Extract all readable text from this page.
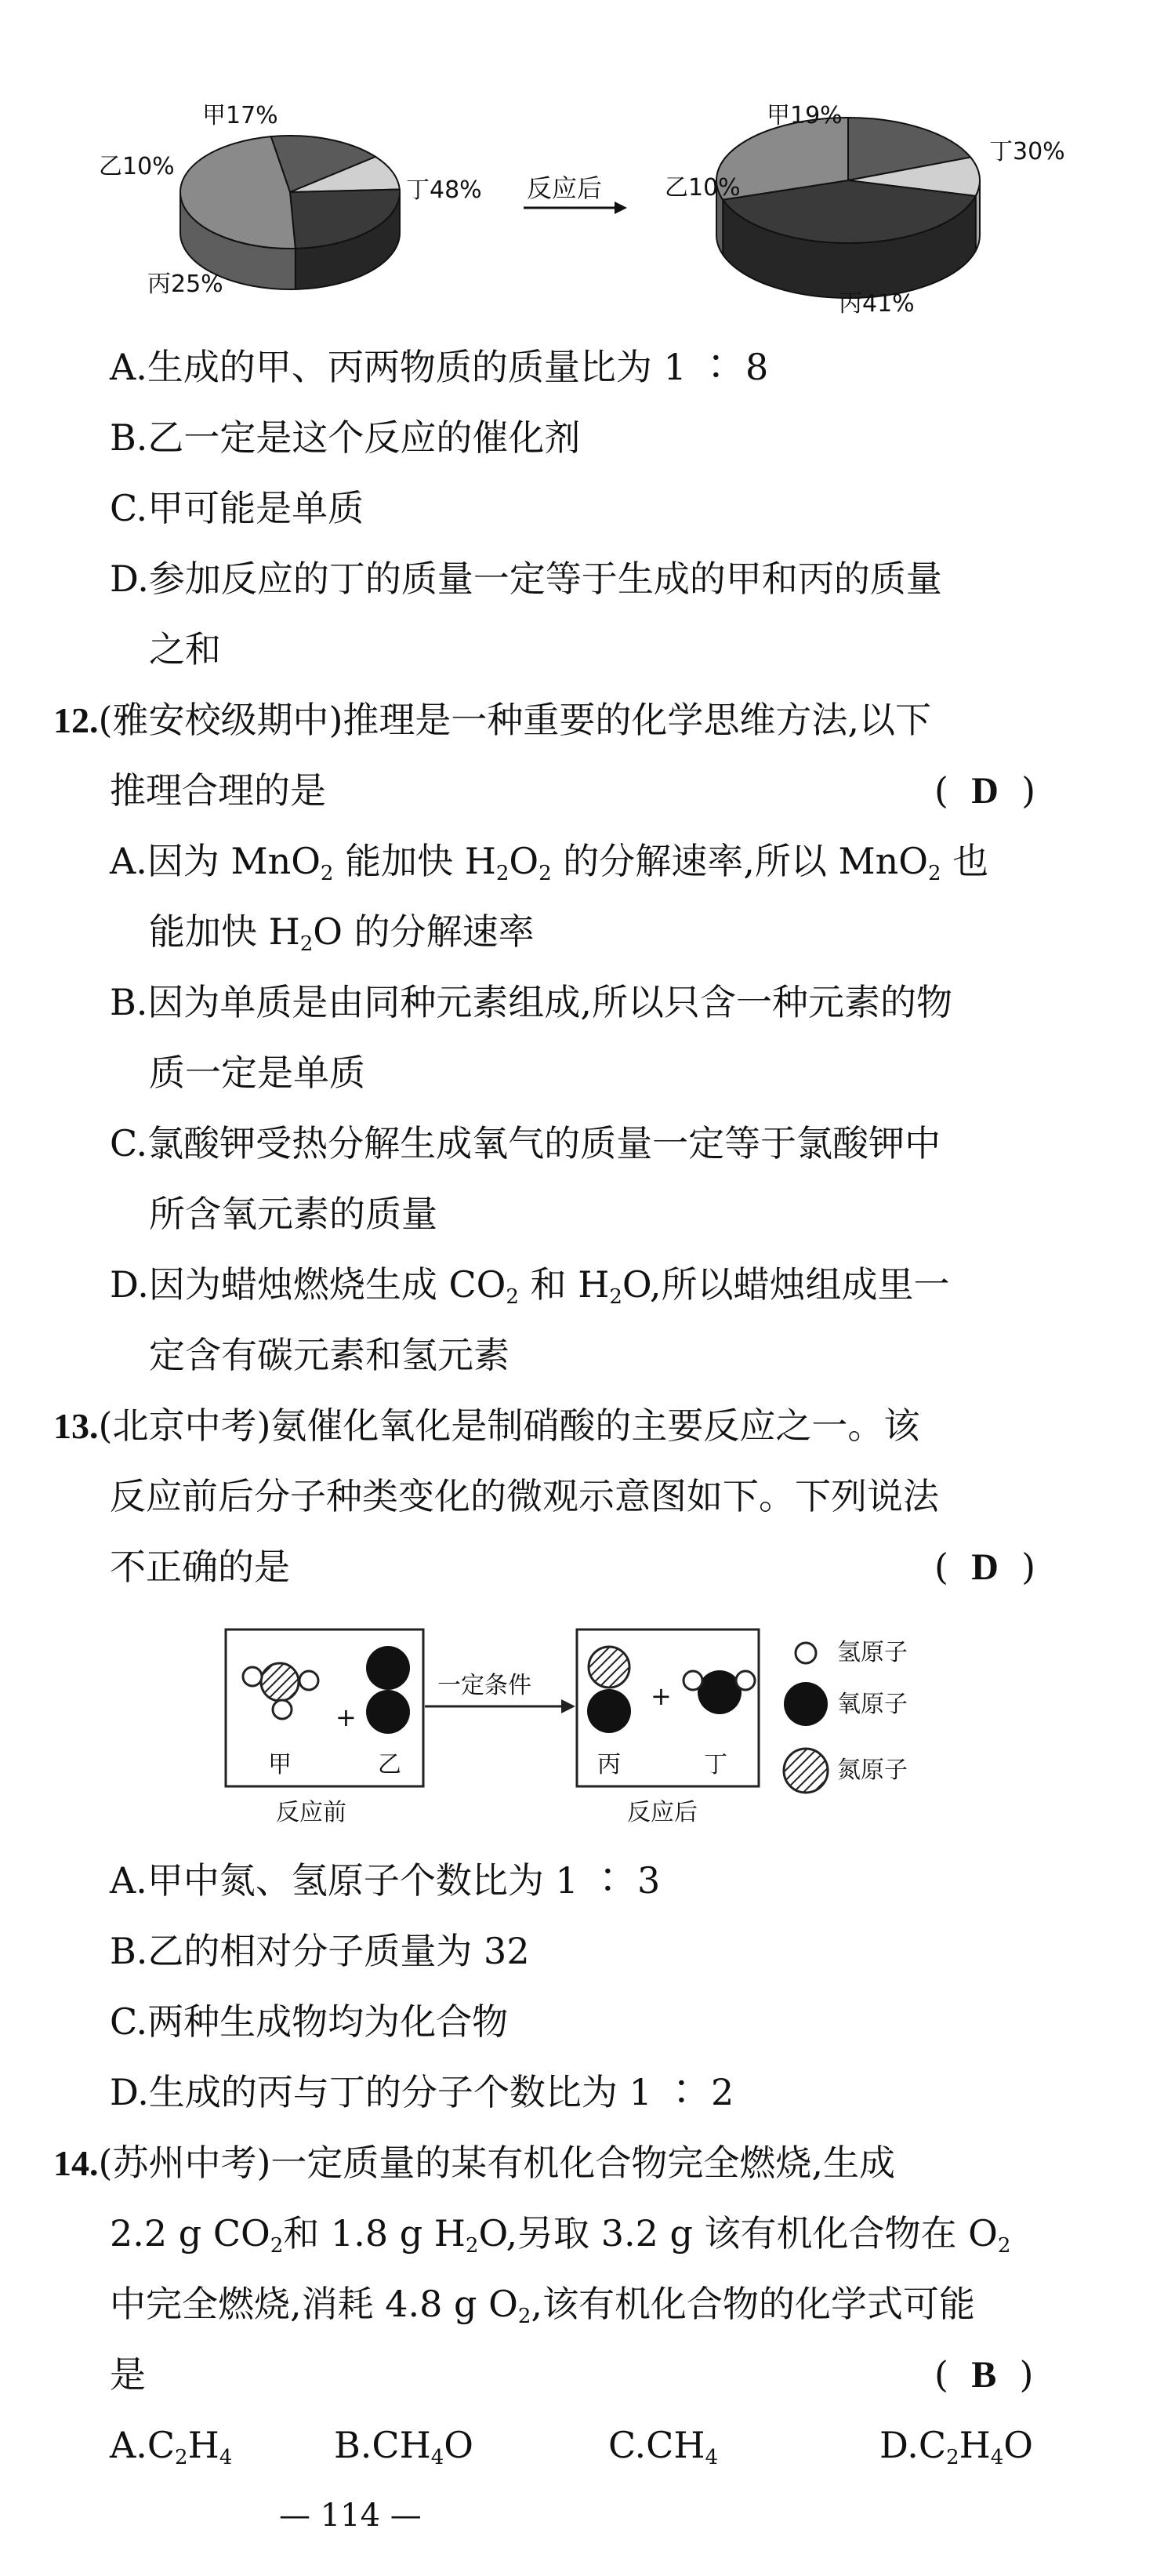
甲17%
乙10%
丁48%
丙25%
反应后
甲19%
乙10%
丁30%
丙41%
A.生成的甲、丙两物质的质量比为 1 ∶ 8
B.乙一定是这个反应的催化剂
C.甲可能是单质
D.参加反应的丁的质量一定等于生成的甲和丙的质量
之和
12.(雅安校级期中)推理是一种重要的化学思维方法,以下
推理合理的是	(  D  )
A.因为 MnO$_2$ 能加快 $H_2O_2$ 的分解速率,所以 MnO$_2$ 也
能加快 $H_2O$ 的分解速率
B.因为单质是由同种元素组成,所以只含一种元素的物
质一定是单质
C.氯酸钾受热分解生成氧气的质量一定等于氯酸钾中
所含氧元素的质量
D.因为蜡烛燃烧生成 $CO_2$ 和 $H_2O$,所以蜡烛组成里一
定含有碳元素和氢元素
13.(北京中考)氨催化氧化是制硝酸的主要反应之一。该
反应前后分子种类变化的微观示意图如下。下列说法
不正确的是	(  D  )
+
+
一定条件
甲	乙	丙	丁
反应前	反应后
氢原子
氧原子
氮原子
A.甲中氮、氢原子个数比为 1 ∶ 3
B.乙的相对分子质量为 32
C.两种生成物均为化合物
D.生成的丙与丁的分子个数比为 1 ∶ 2
14.(苏州中考)一定质量的某有机化合物完全燃烧,生成
2.2 g $CO_2$和 1.8 g $H_2O$,另取 3.2 g 该有机化合物在 $O_2$
中完全燃烧,消耗 4.8 g $O_2$,该有机化合物的化学式可能
是	(  B  )
$A.C_2H_4$	$B.CH_4O$	$C.CH_4$	$D.C_2H_4O$
— 114 —
